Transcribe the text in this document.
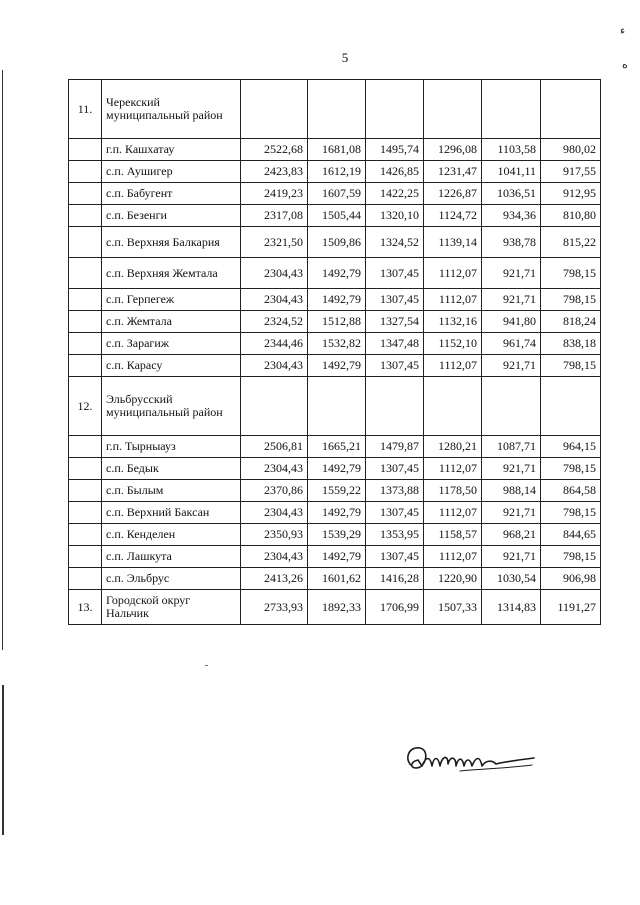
5
ء
ه
11.	Черекский муниципальный район						
	г.п. Кашхатау	2522,68	1681,08	1495,74	1296,08	1103,58	980,02
	с.п. Аушигер	2423,83	1612,19	1426,85	1231,47	1041,11	917,55
	с.п. Бабугент	2419,23	1607,59	1422,25	1226,87	1036,51	912,95
	с.п. Безенги	2317,08	1505,44	1320,10	1124,72	934,36	810,80
	с.п. Верхняя Балкария	2321,50	1509,86	1324,52	1139,14	938,78	815,22
	с.п. Верхняя Жемтала	2304,43	1492,79	1307,45	1112,07	921,71	798,15
	с.п. Герпегеж	2304,43	1492,79	1307,45	1112,07	921,71	798,15
	с.п. Жемтала	2324,52	1512,88	1327,54	1132,16	941,80	818,24
	с.п. Зарагиж	2344,46	1532,82	1347,48	1152,10	961,74	838,18
	с.п. Карасу	2304,43	1492,79	1307,45	1112,07	921,71	798,15
12.	Эльбрусский муниципальный район						
	г.п. Тырныауз	2506,81	1665,21	1479,87	1280,21	1087,71	964,15
	с.п. Бедык	2304,43	1492,79	1307,45	1112,07	921,71	798,15
	с.п. Былым	2370,86	1559,22	1373,88	1178,50	988,14	864,58
	с.п. Верхний Баксан	2304,43	1492,79	1307,45	1112,07	921,71	798,15
	с.п. Кенделен	2350,93	1539,29	1353,95	1158,57	968,21	844,65
	с.п. Лашкута	2304,43	1492,79	1307,45	1112,07	921,71	798,15
	с.п. Эльбрус	2413,26	1601,62	1416,28	1220,90	1030,54	906,98
13.	Городской округ Нальчик	2733,93	1892,33	1706,99	1507,33	1314,83	1191,27
